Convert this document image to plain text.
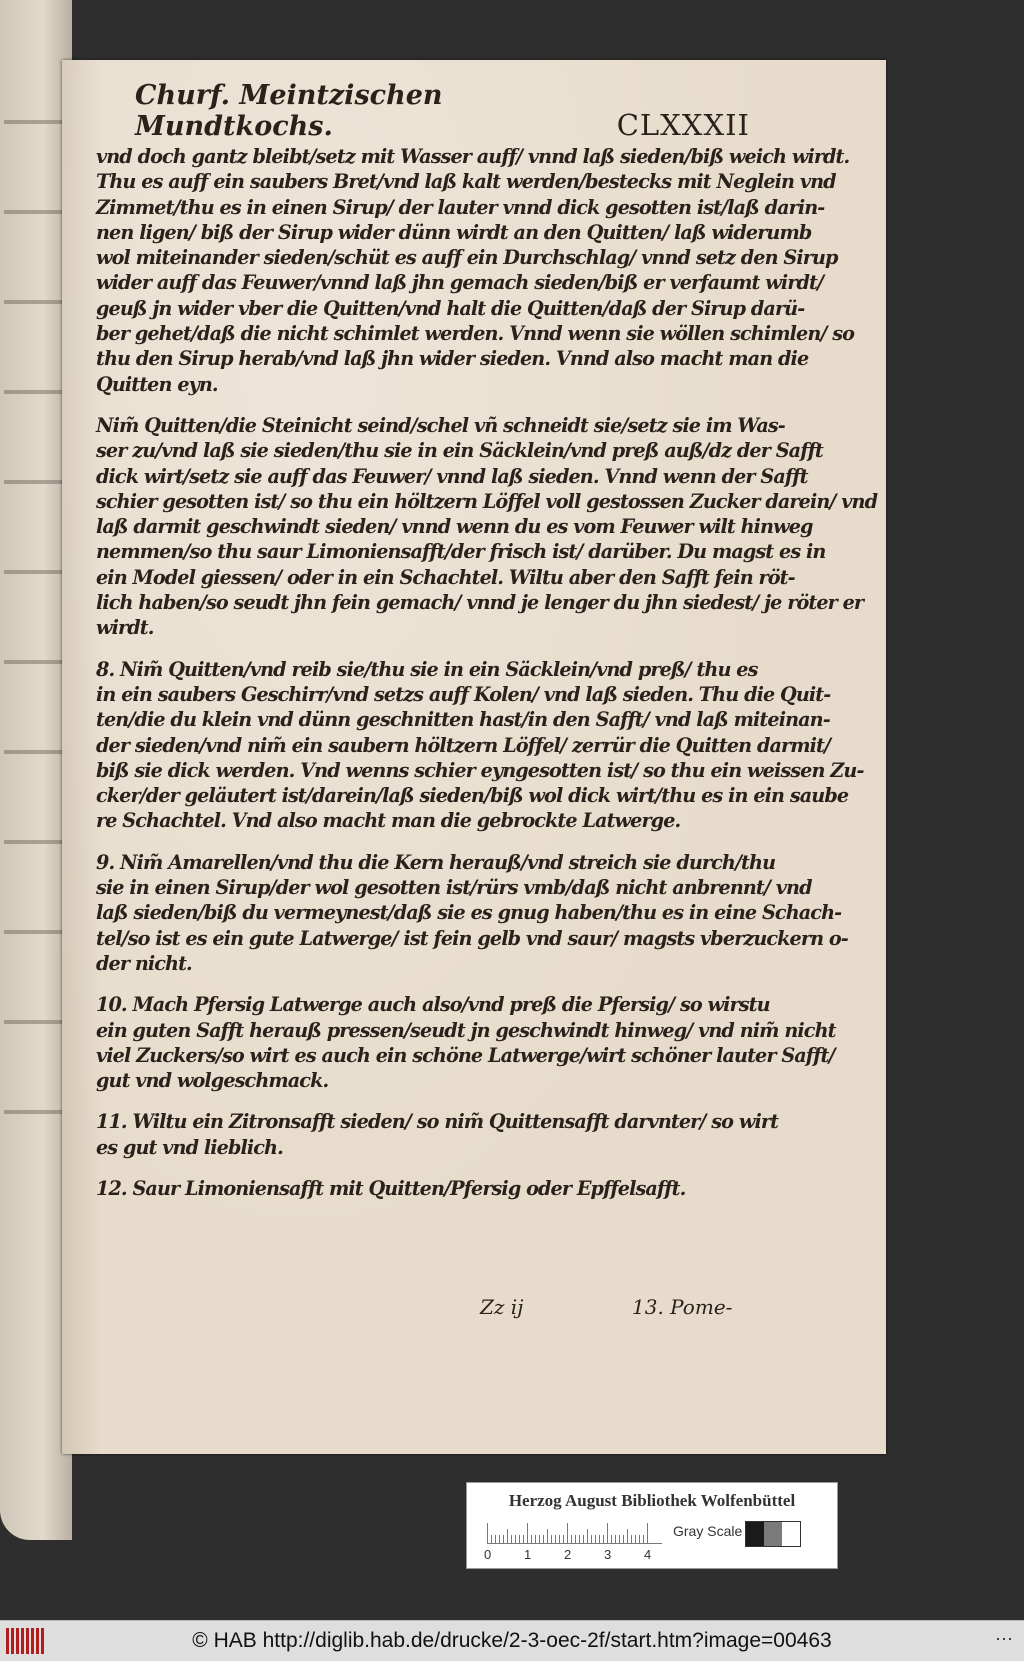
Churf. Meintzischen Mundtkochs.	CLXXXII
vnd doch gantz bleibt/setz mit Wasser auff/ vnnd laß sieden/biß weich wirdt.
Thu es auff ein saubers Bret/vnd laß kalt werden/bestecks mit Neglein vnd
Zimmet/thu es in einen Sirup/ der lauter vnnd dick gesotten ist/laß darin-
nen ligen/ biß der Sirup wider dünn wirdt an den Quitten/ laß widerumb
wol miteinander sieden/schüt es auff ein Durchschlag/ vnnd setz den Sirup
wider auff das Feuwer/vnnd laß jhn gemach sieden/biß er verfaumt wirdt/
geuß jn wider vber die Quitten/vnd halt die Quitten/daß der Sirup darü-
ber gehet/daß die nicht schimlet werden. Vnnd wenn sie wöllen schimlen/ so
thu den Sirup herab/vnd laß jhn wider sieden. Vnnd also macht man die
Quitten eyn.
Nim̃ Quitten/die Steinicht seind/schel vñ schneidt sie/setz sie im Was-
ser zu/vnd laß sie sieden/thu sie in ein Säcklein/vnd preß auß/dz der Safft
dick wirt/setz sie auff das Feuwer/ vnnd laß sieden. Vnnd wenn der Safft
schier gesotten ist/ so thu ein höltzern Löffel voll gestossen Zucker darein/ vnd
laß darmit geschwindt sieden/ vnnd wenn du es vom Feuwer wilt hinweg
nemmen/so thu saur Limoniensafft/der frisch ist/ darüber. Du magst es in
ein Model giessen/ oder in ein Schachtel. Wiltu aber den Safft fein röt-
lich haben/so seudt jhn fein gemach/ vnnd je lenger du jhn siedest/ je röter er
wirdt.
8. Nim̃ Quitten/vnd reib sie/thu sie in ein Säcklein/vnd preß/ thu es
in ein saubers Geschirr/vnd setzs auff Kolen/ vnd laß sieden. Thu die Quit-
ten/die du klein vnd dünn geschnitten hast/in den Safft/ vnd laß miteinan-
der sieden/vnd nim̃ ein saubern höltzern Löffel/ zerrür die Quitten darmit/
biß sie dick werden. Vnd wenns schier eyngesotten ist/ so thu ein weissen Zu-
cker/der geläutert ist/darein/laß sieden/biß wol dick wirt/thu es in ein saube
re Schachtel. Vnd also macht man die gebrockte Latwerge.
9. Nim̃ Amarellen/vnd thu die Kern herauß/vnd streich sie durch/thu
sie in einen Sirup/der wol gesotten ist/rürs vmb/daß nicht anbrennt/ vnd
laß sieden/biß du vermeynest/daß sie es gnug haben/thu es in eine Schach-
tel/so ist es ein gute Latwerge/ ist fein gelb vnd saur/ magsts vberzuckern o-
der nicht.
10. Mach Pfersig Latwerge auch also/vnd preß die Pfersig/ so wirstu
ein guten Safft herauß pressen/seudt jn geschwindt hinweg/ vnd nim̃ nicht
viel Zuckers/so wirt es auch ein schöne Latwerge/wirt schöner lauter Safft/
gut vnd wolgeschmack.
11. Wiltu ein Zitronsafft sieden/ so nim̃ Quittensafft darvnter/ so wirt
es gut vnd lieblich.
12. Saur Limoniensafft mit Quitten/Pfersig oder Epffelsafft.
Zz ij	13. Pome-
Herzog August Bibliothek Wolfenbüttel
0	1	2	3	4
Gray Scale
© HAB http://diglib.hab.de/drucke/2-3-oec-2f/start.htm?image=00463	⋯
